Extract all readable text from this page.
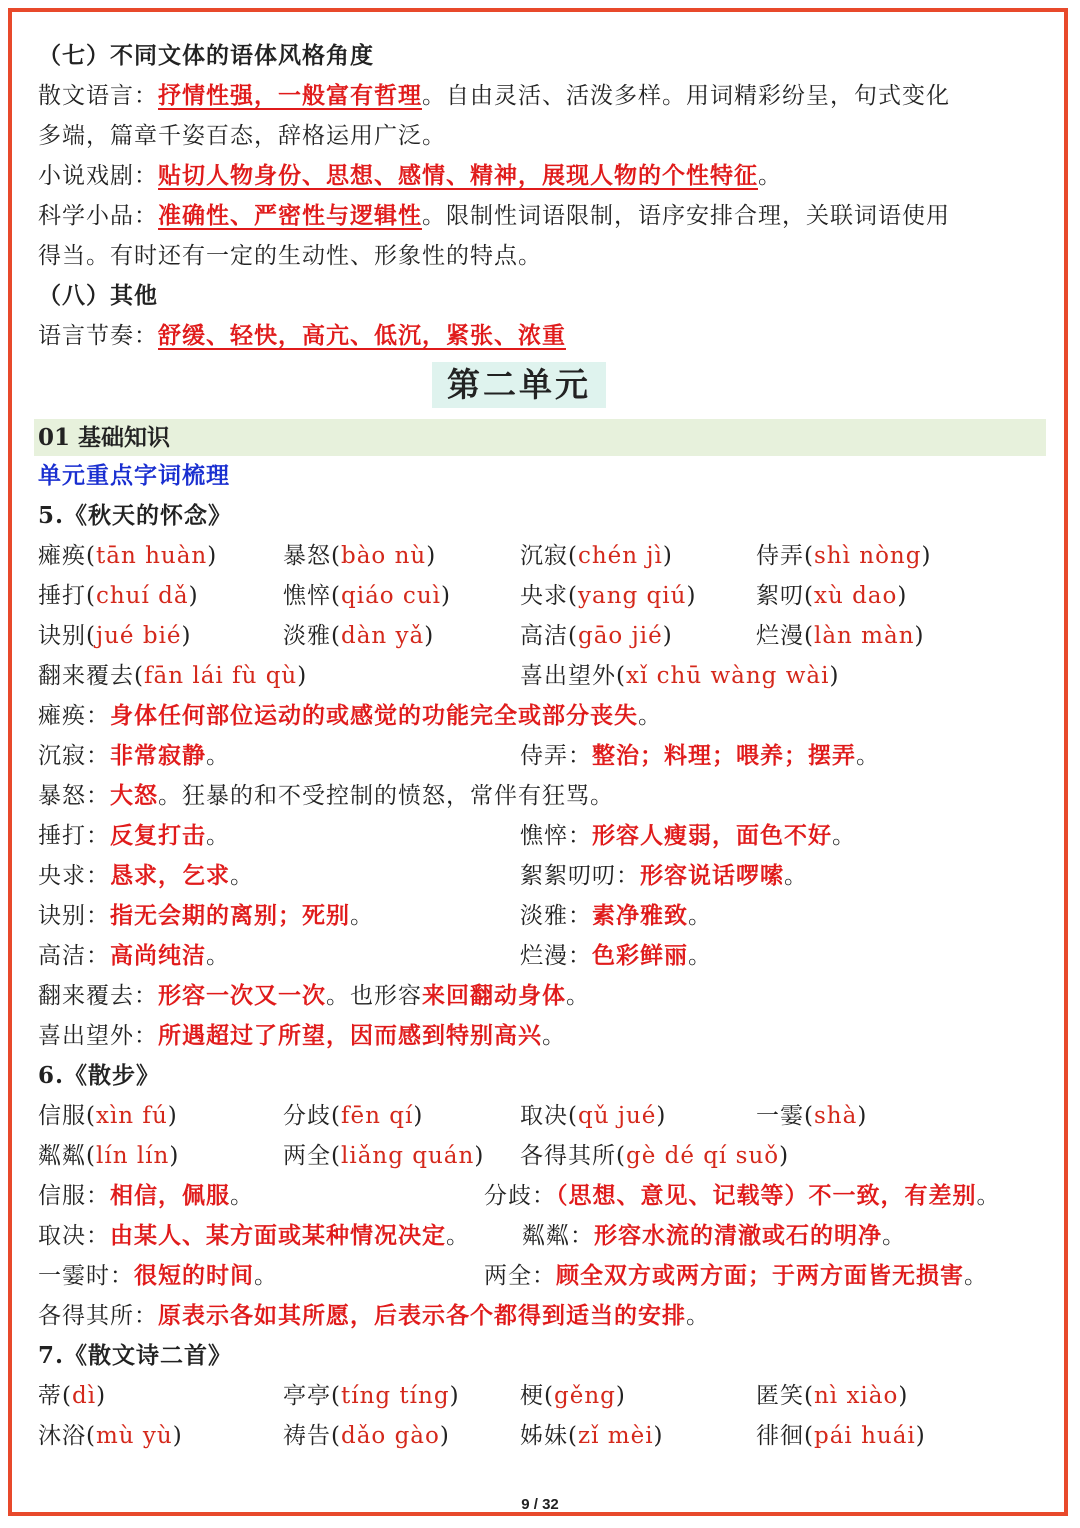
（七）不同文体的语体风格角度
散文语言：抒情性强，一般富有哲理。自由灵活、活泼多样。用词精彩纷呈，句式变化
多端，篇章千姿百态，辞格运用广泛。
小说戏剧：贴切人物身份、思想、感情、精神，展现人物的个性特征。
科学小品：准确性、严密性与逻辑性。限制性词语限制，语序安排合理，关联词语使用
得当。有时还有一定的生动性、形象性的特点。
（八）其他
语言节奏：舒缓、轻快，高亢、低沉，紧张、浓重
第二单元
01 基础知识
单元重点字词梳理
5.《秋天的怀念》
瘫痪(tān huàn)	暴怒(bào nù)	沉寂(chén jì)	侍弄(shì nòng)
捶打(chuí dǎ)	憔悴(qiáo cuì)	央求(yang qiú)	絮叨(xù dao)
诀别(jué bié)	淡雅(dàn yǎ)	高洁(gāo jié)	烂漫(làn màn)
翻来覆去(fān lái fù qù)	喜出望外(xǐ chū wàng wài)
瘫痪：身体任何部位运动的或感觉的功能完全或部分丧失。
沉寂：非常寂静。	侍弄：整治；料理；喂养；摆弄。
暴怒：大怒。狂暴的和不受控制的愤怒，常伴有狂骂。
捶打：反复打击。	憔悴：形容人瘦弱，面色不好。
央求：恳求，乞求。	絮絮叨叨：形容说话啰嗦。
诀别：指无会期的离别；死别。	淡雅：素净雅致。
高洁：高尚纯洁。	烂漫：色彩鲜丽。
翻来覆去：形容一次又一次。也形容来回翻动身体。
喜出望外：所遇超过了所望，因而感到特别高兴。
6.《散步》
信服(xìn fú)	分歧(fēn qí)	取决(qǔ jué)	一霎(shà)
粼粼(lín lín)	两全(liǎng quán) 各得其所(gè dé qí suǒ)
信服：相信，佩服。	分歧：（思想、意见、记载等）不一致，有差别。
取决：由某人、某方面或某种情况决定。 粼粼：形容水流的清澈或石的明净。
一霎时：很短的时间。	两全：顾全双方或两方面；于两方面皆无损害。
各得其所：原表示各如其所愿，后表示各个都得到适当的安排。
7.《散文诗二首》
蒂(dì)	亭亭(tíng tíng)	梗(gěng)	匿笑(nì xiào)
沐浴(mù yù)	祷告(dǎo gào)	姊妹(zǐ mèi)	徘徊(pái huái)
9 / 32
